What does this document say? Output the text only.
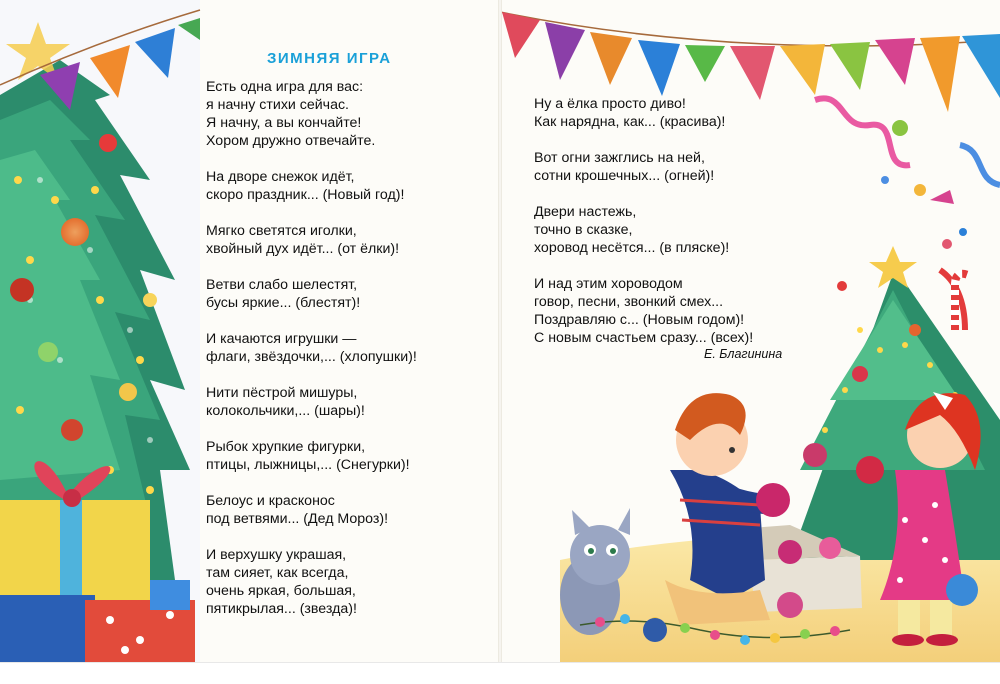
ЗИМНЯЯ ИГРА
Есть одна игра для вас:
я начну стихи сейчас.
Я начну, а вы кончайте!
Хором дружно отвечайте.
На дворе снежок идёт,
скоро праздник... (Новый год)!
Мягко светятся иголки,
хвойный дух идёт... (от ёлки)!
Ветви слабо шелестят,
бусы яркие... (блестят)!
И качаются игрушки —
флаги, звёздочки,... (хлопушки)!
Нити пёстрой мишуры,
колокольчики,... (шары)!
Рыбок хрупкие фигурки,
птицы, лыжницы,... (Снегурки)!
Белоус и красконос
под ветвями... (Дед Мороз)!
И верхушку украшая,
там сияет, как всегда,
очень яркая, большая,
пятикрылая... (звезда)!
Ну а ёлка просто диво!
Как нарядна, как... (красива)!
Вот огни зажглись на ней,
сотни крошечных... (огней)!
Двери настежь,
точно в сказке,
хоровод несётся... (в пляске)!
И над этим хороводом
говор, песни, звонкий смех...
Поздравляю с... (Новым годом)!
С новым счастьем сразу... (всех)!
Е. Благинина
